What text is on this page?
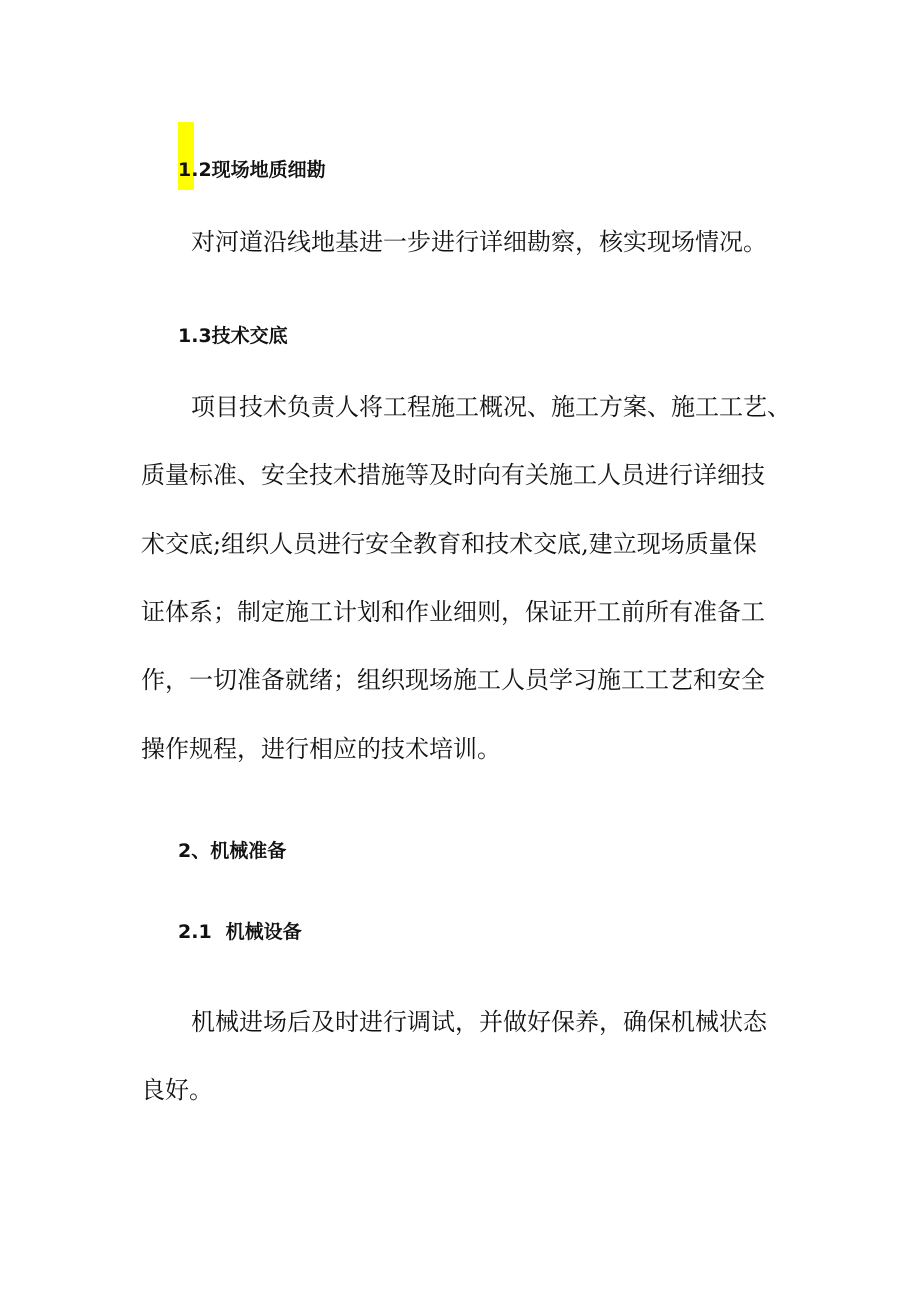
1.2现场地质细勘
对河道沿线地基进一步进行详细勘察，核实现场情况。
1.3技术交底
项目技术负责人将工程施工概况、施工方案、施工工艺、
质量标准、安全技术措施等及时向有关施工人员进行详细技
术交底;组织人员进行安全教育和技术交底,建立现场质量保
证体系；制定施工计划和作业细则，保证开工前所有准备工
作，一切准备就绪；组织现场施工人员学习施工工艺和安全
操作规程，进行相应的技术培训。
2、机械准备
2.1 机械设备
机械进场后及时进行调试，并做好保养，确保机械状态
良好。
